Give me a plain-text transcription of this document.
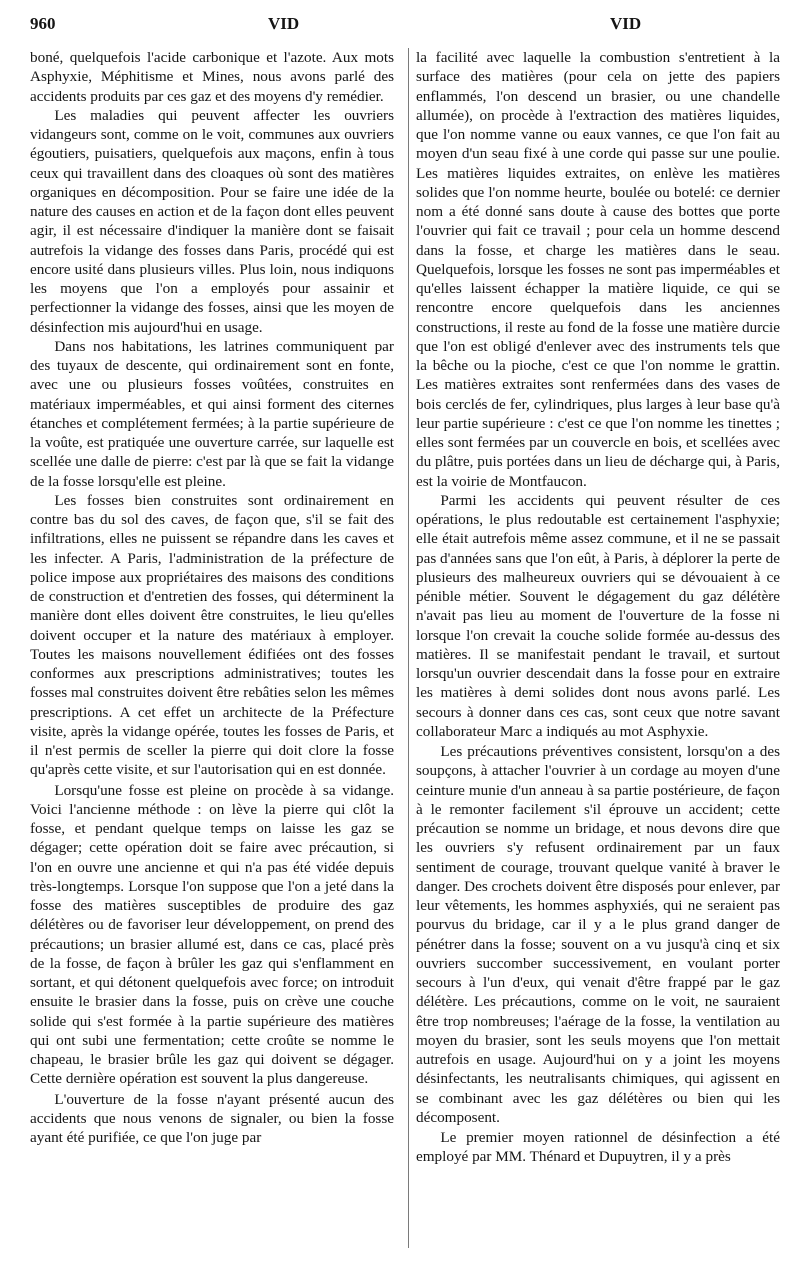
960	VID	VID

boné, quelquefois l'acide carbonique et l'azote. Aux mots Asphyxie, Méphitisme et Mines, nous avons parlé des accidents produits par ces gaz et des moyens d'y remédier.

Les maladies qui peuvent affecter les ouvriers vidangeurs sont, comme on le voit, communes aux ouvriers égoutiers, puisatiers, quelquefois aux maçons, enfin à tous ceux qui travaillent dans des cloaques où sont des matières organiques en décomposition. Pour se faire une idée de la nature des causes en action et de la façon dont elles peuvent agir, il est nécessaire d'indiquer la manière dont se faisait autrefois la vidange des fosses dans Paris, procédé qui est encore usité dans plusieurs villes. Plus loin, nous indiquons les moyens que l'on a employés pour assainir et perfectionner la vidange des fosses, ainsi que les moyen de désinfection mis aujourd'hui en usage.

Dans nos habitations, les latrines communiquent par des tuyaux de descente, qui ordinairement sont en fonte, avec une ou plusieurs fosses voûtées, construites en matériaux imperméables, et qui ainsi forment des citernes étanches et complétement fermées; à la partie supérieure de la voûte, est pratiquée une ouverture carrée, sur laquelle est scellée une dalle de pierre: c'est par là que se fait la vidange de la fosse lorsqu'elle est pleine.

Les fosses bien construites sont ordinairement en contre bas du sol des caves, de façon que, s'il se fait des infiltrations, elles ne puissent se répandre dans les caves et les infecter. A Paris, l'administration de la préfecture de police impose aux propriétaires des maisons des conditions de construction et d'entretien des fosses, qui déterminent la manière dont elles doivent être construites, le lieu qu'elles doivent occuper et la nature des matériaux à employer. Toutes les maisons nouvellement édifiées ont des fosses conformes aux prescriptions administratives; toutes les fosses mal construites doivent être rebâties selon les mêmes prescriptions. A cet effet un architecte de la Préfecture visite, après la vidange opérée, toutes les fosses de Paris, et il n'est permis de sceller la pierre qui doit clore la fosse qu'après cette visite, et sur l'autorisation qui en est donnée.

Lorsqu'une fosse est pleine on procède à sa vidange. Voici l'ancienne méthode : on lève la pierre qui clôt la fosse, et pendant quelque temps on laisse les gaz se dégager; cette opération doit se faire avec précaution, si l'on en ouvre une ancienne et qui n'a pas été vidée depuis très-longtemps. Lorsque l'on suppose que l'on a jeté dans la fosse des matières susceptibles de produire des gaz délétères ou de favoriser leur développement, on prend des précautions; un brasier allumé est, dans ce cas, placé près de la fosse, de façon à brûler les gaz qui s'enflamment en sortant, et qui détonent quelquefois avec force; on introduit ensuite le brasier dans la fosse, puis on crève une couche solide qui s'est formée à la partie supérieure des matières qui ont subi une fermentation; cette croûte se nomme le chapeau, le brasier brûle les gaz qui doivent se dégager. Cette dernière opération est souvent la plus dangereuse.

L'ouverture de la fosse n'ayant présenté aucun des accidents que nous venons de signaler, ou bien la fosse ayant été purifiée, ce que l'on juge par

la facilité avec laquelle la combustion s'entretient à la surface des matières (pour cela on jette des papiers enflammés, l'on descend un brasier, ou une chandelle allumée), on procède à l'extraction des matières liquides, que l'on nomme vanne ou eaux vannes, ce que l'on fait au moyen d'un seau fixé à une corde qui passe sur une poulie. Les matières liquides extraites, on enlève les matières solides que l'on nomme heurte, boulée ou botelé: ce dernier nom a été donné sans doute à cause des bottes que porte l'ouvrier qui fait ce travail ; pour cela un homme descend dans la fosse, et charge les matières dans le seau. Quelquefois, lorsque les fosses ne sont pas imperméables et qu'elles laissent échapper la matière liquide, ce qui se rencontre encore quelquefois dans les anciennes constructions, il reste au fond de la fosse une matière durcie que l'on est obligé d'enlever avec des instruments tels que la bêche ou la pioche, c'est ce que l'on nomme le grattin. Les matières extraites sont renfermées dans des vases de bois cerclés de fer, cylindriques, plus larges à leur base qu'à leur partie supérieure : c'est ce que l'on nomme les tinettes ; elles sont fermées par un couvercle en bois, et scellées avec du plâtre, puis portées dans un lieu de décharge qui, à Paris, est la voirie de Montfaucon.

Parmi les accidents qui peuvent résulter de ces opérations, le plus redoutable est certainement l'asphyxie; elle était autrefois même assez commune, et il ne se passait pas d'années sans que l'on eût, à Paris, à déplorer la perte de plusieurs des malheureux ouvriers qui se dévouaient à ce pénible métier. Souvent le dégagement du gaz délétère n'avait pas lieu au moment de l'ouverture de la fosse ni lorsque l'on crevait la couche solide formée au-dessus des matières. Il se manifestait pendant le travail, et surtout lorsqu'un ouvrier descendait dans la fosse pour en extraire les matières à demi solides dont nous avons parlé. Les secours à donner dans ces cas, sont ceux que notre savant collaborateur Marc a indiqués au mot Asphyxie.

Les précautions préventives consistent, lorsqu'on a des soupçons, à attacher l'ouvrier à un cordage au moyen d'une ceinture munie d'un anneau à sa partie postérieure, de façon à le remonter facilement s'il éprouve un accident; cette précaution se nomme un bridage, et nous devons dire que les ouvriers s'y refusent ordinairement par un faux sentiment de courage, trouvant quelque vanité à braver le danger. Des crochets doivent être disposés pour enlever, par leur vêtements, les hommes asphyxiés, qui ne seraient pas pourvus du bridage, car il y a le plus grand danger de pénétrer dans la fosse; souvent on a vu jusqu'à cinq et six ouvriers succomber successivement, en voulant porter secours à l'un d'eux, qui venait d'être frappé par le gaz délétère. Les précautions, comme on le voit, ne sauraient être trop nombreuses; l'aérage de la fosse, la ventilation au moyen du brasier, sont les seuls moyens que l'on mettait autrefois en usage. Aujourd'hui on y a joint les moyens désinfectants, les neutralisants chimiques, qui agissent en se combinant avec les gaz délétères ou bien qui les décomposent.

Le premier moyen rationnel de désinfection a été employé par MM. Thénard et Dupuytren, il y a près
